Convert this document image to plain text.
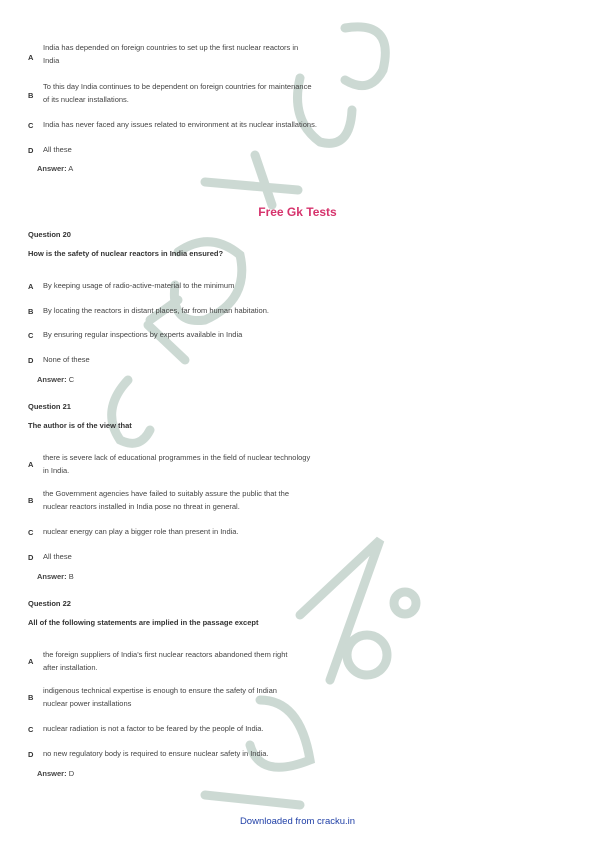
A
India has depended on foreign countries to set up the first nuclear reactors in
India
B
To this day India continues to be dependent on foreign countries for maintenance
of its nuclear installations.
C India has never faced any issues related to environment at its nuclear installations.
D All these
Answer: A
Free Gk Tests
Question 20
How is the safety of nuclear reactors in India ensured?
A By keeping usage of radio-active-material to the minimum
B By locating the reactors in distant places, far from human habitation.
C By ensuring regular inspections by experts available in India
D None of these
Answer: C
Question 21
The author is of the view that
A
there is severe lack of educational programmes in the field of nuclear technology
in India.
B
the Government agencies have failed to suitably assure the public that the
nuclear reactors installed in India pose no threat in general.
C nuclear energy can play a bigger role than present in India.
D All these
Answer: B
Question 22
All of the following statements are implied in the passage except
A
the foreign suppliers of India's first nuclear reactors abandoned them right
after installation.
B
indigenous technical expertise is enough to ensure the safety of Indian
nuclear power installations
C nuclear radiation is not a factor to be feared by the people of India.
D no new regulatory body is required to ensure nuclear safety in India.
Answer: D
Downloaded from cracku.in
